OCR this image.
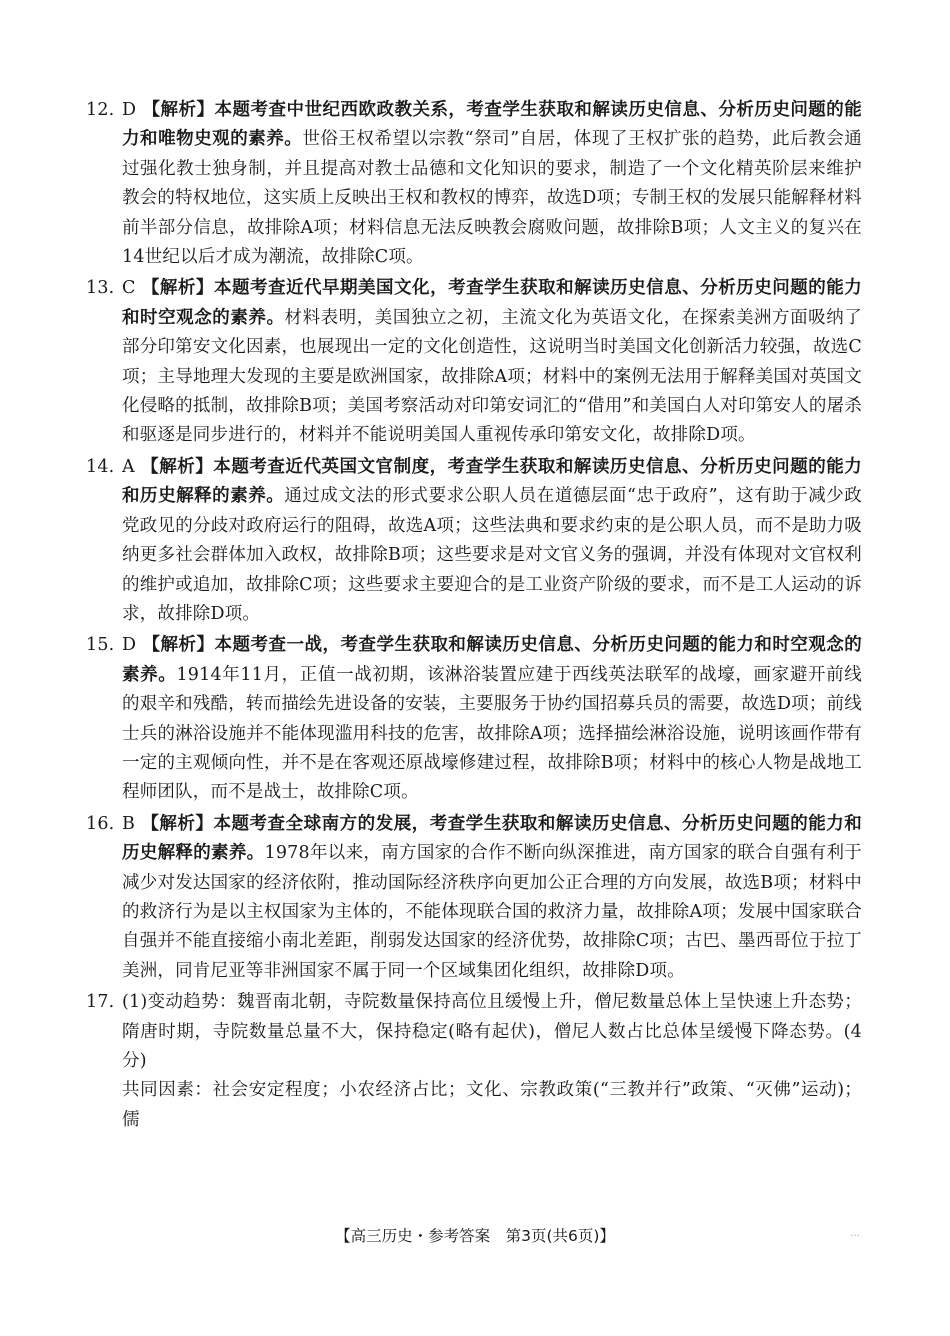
12. D 【解析】本题考查中世纪西欧政教关系，考查学生获取和解读历史信息、分析历史问题的能力和唯物史观的素养。世俗王权希望以宗教“祭司”自居，体现了王权扩张的趋势，此后教会通过强化教士独身制，并且提高对教士品德和文化知识的要求，制造了一个文化精英阶层来维护教会的特权地位，这实质上反映出王权和教权的博弈，故选D项；专制王权的发展只能解释材料前半部分信息，故排除A项；材料信息无法反映教会腐败问题，故排除B项；人文主义的复兴在14世纪以后才成为潮流，故排除C项。
13. C 【解析】本题考查近代早期美国文化，考查学生获取和解读历史信息、分析历史问题的能力和时空观念的素养。材料表明，美国独立之初，主流文化为英语文化，在探索美洲方面吸纳了部分印第安文化因素，也展现出一定的文化创造性，这说明当时美国文化创新活力较强，故选C项；主导地理大发现的主要是欧洲国家，故排除A项；材料中的案例无法用于解释美国对英国文化侵略的抵制，故排除B项；美国考察活动对印第安词汇的“借用”和美国白人对印第安人的屠杀和驱逐是同步进行的，材料并不能说明美国人重视传承印第安文化，故排除D项。
14. A 【解析】本题考查近代英国文官制度，考查学生获取和解读历史信息、分析历史问题的能力和历史解释的素养。通过成文法的形式要求公职人员在道德层面“忠于政府”，这有助于减少政党政见的分歧对政府运行的阻碍，故选A项；这些法典和要求约束的是公职人员，而不是助力吸纳更多社会群体加入政权，故排除B项；这些要求是对文官义务的强调，并没有体现对文官权利的维护或追加，故排除C项；这些要求主要迎合的是工业资产阶级的要求，而不是工人运动的诉求，故排除D项。
15. D 【解析】本题考查一战，考查学生获取和解读历史信息、分析历史问题的能力和时空观念的素养。1914年11月，正值一战初期，该淋浴装置应建于西线英法联军的战壕，画家避开前线的艰辛和残酷，转而描绘先进设备的安装，主要服务于协约国招募兵员的需要，故选D项；前线士兵的淋浴设施并不能体现滥用科技的危害，故排除A项；选择描绘淋浴设施，说明该画作带有一定的主观倾向性，并不是在客观还原战壕修建过程，故排除B项；材料中的核心人物是战地工程师团队，而不是战士，故排除C项。
16. B 【解析】本题考查全球南方的发展，考查学生获取和解读历史信息、分析历史问题的能力和历史解释的素养。1978年以来，南方国家的合作不断向纵深推进，南方国家的联合自强有利于减少对发达国家的经济依附，推动国际经济秩序向更加公正合理的方向发展，故选B项；材料中的救济行为是以主权国家为主体的，不能体现联合国的救济力量，故排除A项；发展中国家联合自强并不能直接缩小南北差距，削弱发达国家的经济优势，故排除C项；古巴、墨西哥位于拉丁美洲，同肯尼亚等非洲国家不属于同一个区域集团化组织，故排除D项。
17. (1)变动趋势：魏晋南北朝，寺院数量保持高位且缓慢上升，僧尼数量总体上呈快速上升态势；隋唐时期，寺院数量总量不大，保持稳定(略有起伏)，僧尼人数占比总体呈缓慢下降态势。(4分)
共同因素：社会安定程度；小农经济占比；文化、宗教政策(“三教并行”政策、“灭佛”运动)；儒
【高三历史・参考答案　第3页(共6页)】	…
